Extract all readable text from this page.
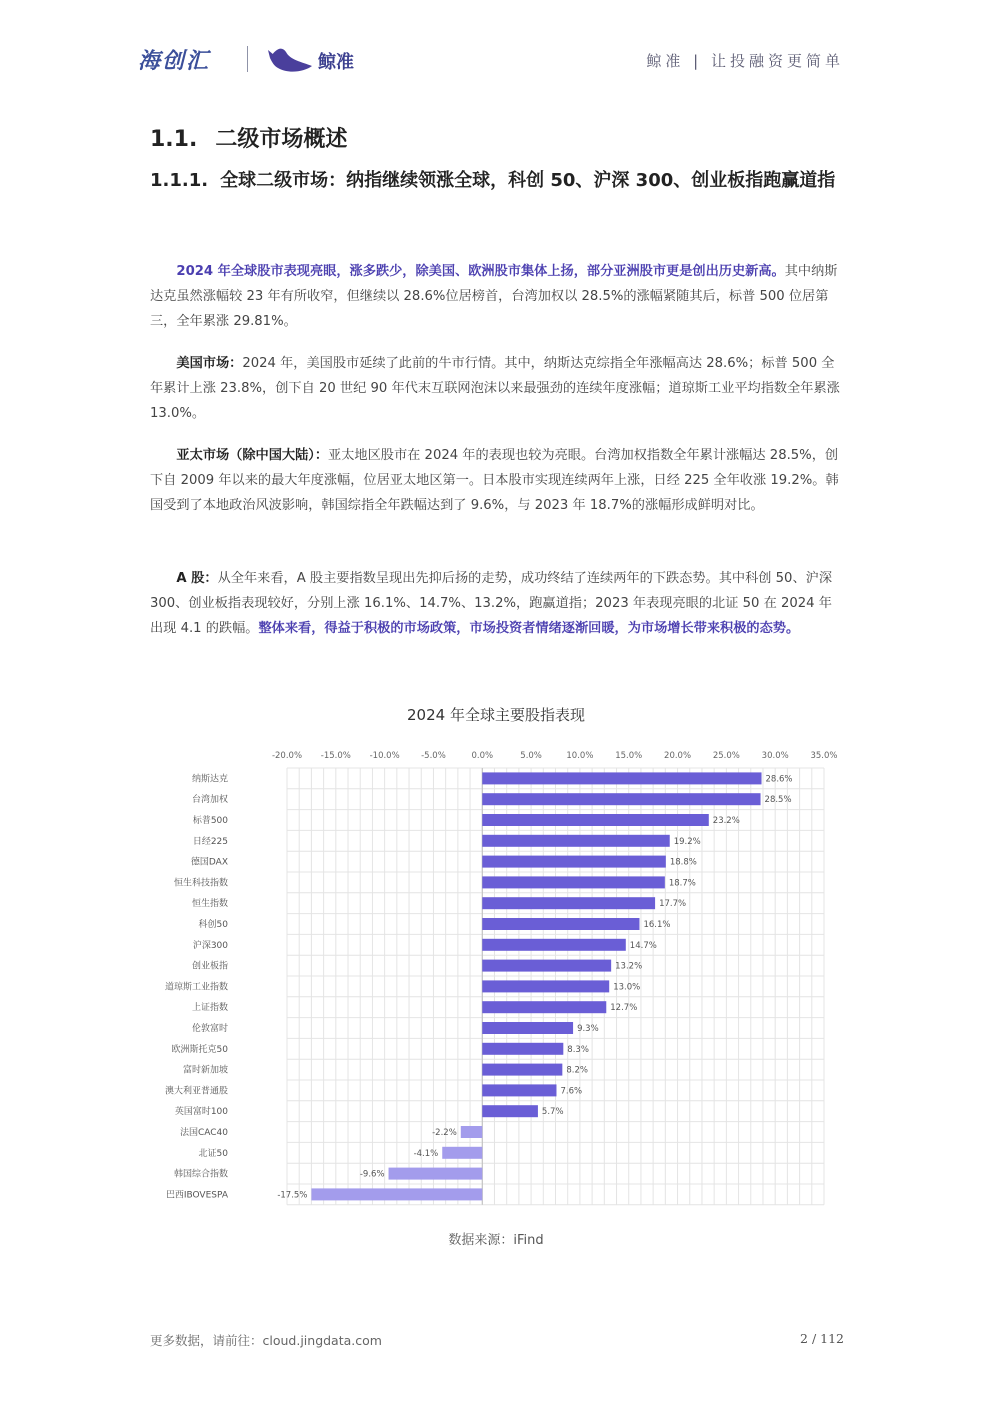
海创汇	鲸准	鲸准 | 让投融资更简单
1.1. 二级市场概述
1.1.1. 全球二级市场：纳指继续领涨全球，科创 50、沪深 300、创业板指跑赢道指
2024 年全球股市表现亮眼，涨多跌少，除美国、欧洲股市集体上扬，部分亚洲股市更是创出历史新高。其中纳斯达克虽然涨幅较 23 年有所收窄，但继续以 28.6%位居榜首，台湾加权以 28.5%的涨幅紧随其后，标普 500 位居第三，全年累涨 29.81%。
美国市场：2024 年，美国股市延续了此前的牛市行情。其中，纳斯达克综指全年涨幅高达 28.6%；标普 500 全年累计上涨 23.8%，创下自 20 世纪 90 年代末互联网泡沫以来最强劲的连续年度涨幅；道琼斯工业平均指数全年累涨 13.0%。
亚太市场（除中国大陆）：亚太地区股市在 2024 年的表现也较为亮眼。台湾加权指数全年累计涨幅达 28.5%，创下自 2009 年以来的最大年度涨幅，位居亚太地区第一。日本股市实现连续两年上涨，日经 225 全年收涨 19.2%。韩国受到了本地政治风波影响，韩国综指全年跌幅达到了 9.6%，与 2023 年 18.7%的涨幅形成鲜明对比。
A 股：从全年来看，A 股主要指数呈现出先抑后扬的走势，成功终结了连续两年的下跌态势。其中科创 50、沪深 300、创业板指表现较好，分别上涨 16.1%、14.7%、13.2%，跑赢道指；2023 年表现亮眼的北证 50 在 2024 年出现 4.1 的跌幅。整体来看，得益于积极的市场政策，市场投资者情绪逐渐回暖，为市场增长带来积极的态势。
2024 年全球主要股指表现
-20.0% -15.0% -10.0%	-5.0%	0.0%	5.0%	10.0%	15.0%	20.0%	25.0%	30.0%	35.0%
纳斯达克	28.6%
台湾加权	28.5%
标普500	23.2%
日经225	19.2%
德国DAX	18.8%
恒生科技指数	18.7%
恒生指数	17.7%
科创50	16.1%
沪深300	14.7%
创业板指	13.2%
道琼斯工业指数	13.0%
上证指数	12.7%
伦敦富时	9.3%
欧洲斯托克50	8.3%
富时新加坡	8.2%
澳大利亚普通股	7.6%
英国富时100	5.7%
法国CAC40	-2.2%
北证50	-4.1%
韩国综合指数	-9.6%
巴西IBOVESPA	-17.5%
数据来源：iFind
更多数据，请前往：cloud.jingdata.com	2 / 112
